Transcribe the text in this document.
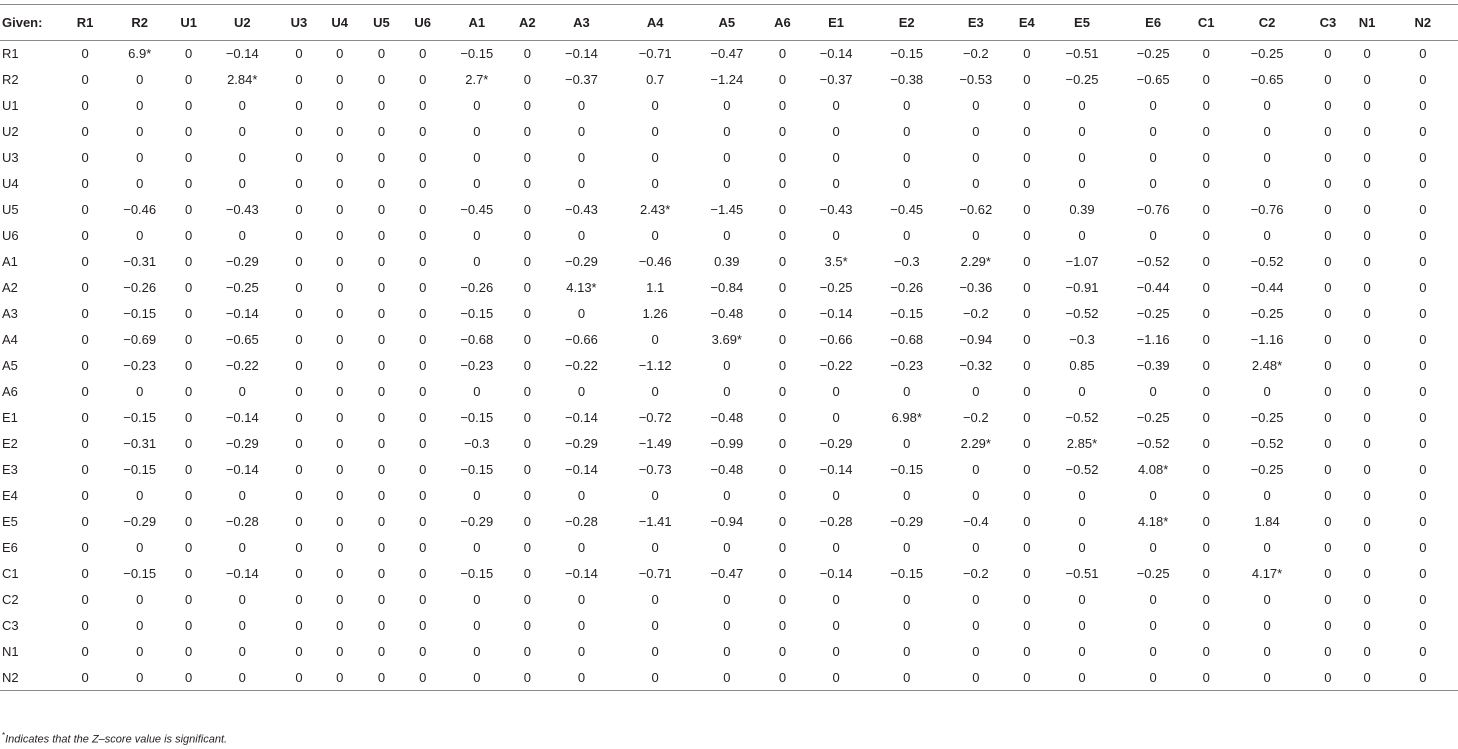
Given:	R1	R2	U1	U2	U3	U4	U5	U6	A1	A2	A3	A4	A5	A6	E1	E2	E3	E4	E5	E6	C1	C2	C3	N1	N2
R1	0	6.9*	0	−0.14	0	0	0	0	−0.15	0	−0.14	−0.71	−0.47	0	−0.14	−0.15	−0.2	0	−0.51	−0.25	0	−0.25	0	0	0
R2	0	0	0	2.84*	0	0	0	0	2.7*	0	−0.37	0.7	−1.24	0	−0.37	−0.38	−0.53	0	−0.25	−0.65	0	−0.65	0	0	0
U1	0	0	0	0	0	0	0	0	0	0	0	0	0	0	0	0	0	0	0	0	0	0	0	0	0
U2	0	0	0	0	0	0	0	0	0	0	0	0	0	0	0	0	0	0	0	0	0	0	0	0	0
U3	0	0	0	0	0	0	0	0	0	0	0	0	0	0	0	0	0	0	0	0	0	0	0	0	0
U4	0	0	0	0	0	0	0	0	0	0	0	0	0	0	0	0	0	0	0	0	0	0	0	0	0
U5	0	−0.46	0	−0.43	0	0	0	0	−0.45	0	−0.43	2.43*	−1.45	0	−0.43	−0.45	−0.62	0	0.39	−0.76	0	−0.76	0	0	0
U6	0	0	0	0	0	0	0	0	0	0	0	0	0	0	0	0	0	0	0	0	0	0	0	0	0
A1	0	−0.31	0	−0.29	0	0	0	0	0	0	−0.29	−0.46	0.39	0	3.5*	−0.3	2.29*	0	−1.07	−0.52	0	−0.52	0	0	0
A2	0	−0.26	0	−0.25	0	0	0	0	−0.26	0	4.13*	1.1	−0.84	0	−0.25	−0.26	−0.36	0	−0.91	−0.44	0	−0.44	0	0	0
A3	0	−0.15	0	−0.14	0	0	0	0	−0.15	0	0	1.26	−0.48	0	−0.14	−0.15	−0.2	0	−0.52	−0.25	0	−0.25	0	0	0
A4	0	−0.69	0	−0.65	0	0	0	0	−0.68	0	−0.66	0	3.69*	0	−0.66	−0.68	−0.94	0	−0.3	−1.16	0	−1.16	0	0	0
A5	0	−0.23	0	−0.22	0	0	0	0	−0.23	0	−0.22	−1.12	0	0	−0.22	−0.23	−0.32	0	0.85	−0.39	0	2.48*	0	0	0
A6	0	0	0	0	0	0	0	0	0	0	0	0	0	0	0	0	0	0	0	0	0	0	0	0	0
E1	0	−0.15	0	−0.14	0	0	0	0	−0.15	0	−0.14	−0.72	−0.48	0	0	6.98*	−0.2	0	−0.52	−0.25	0	−0.25	0	0	0
E2	0	−0.31	0	−0.29	0	0	0	0	−0.3	0	−0.29	−1.49	−0.99	0	−0.29	0	2.29*	0	2.85*	−0.52	0	−0.52	0	0	0
E3	0	−0.15	0	−0.14	0	0	0	0	−0.15	0	−0.14	−0.73	−0.48	0	−0.14	−0.15	0	0	−0.52	4.08*	0	−0.25	0	0	0
E4	0	0	0	0	0	0	0	0	0	0	0	0	0	0	0	0	0	0	0	0	0	0	0	0	0
E5	0	−0.29	0	−0.28	0	0	0	0	−0.29	0	−0.28	−1.41	−0.94	0	−0.28	−0.29	−0.4	0	0	4.18*	0	1.84	0	0	0
E6	0	0	0	0	0	0	0	0	0	0	0	0	0	0	0	0	0	0	0	0	0	0	0	0	0
C1	0	−0.15	0	−0.14	0	0	0	0	−0.15	0	−0.14	−0.71	−0.47	0	−0.14	−0.15	−0.2	0	−0.51	−0.25	0	4.17*	0	0	0
C2	0	0	0	0	0	0	0	0	0	0	0	0	0	0	0	0	0	0	0	0	0	0	0	0	0
C3	0	0	0	0	0	0	0	0	0	0	0	0	0	0	0	0	0	0	0	0	0	0	0	0	0
N1	0	0	0	0	0	0	0	0	0	0	0	0	0	0	0	0	0	0	0	0	0	0	0	0	0
N2	0	0	0	0	0	0	0	0	0	0	0	0	0	0	0	0	0	0	0	0	0	0	0	0	0

*Indicates that the Z–score value is significant.
